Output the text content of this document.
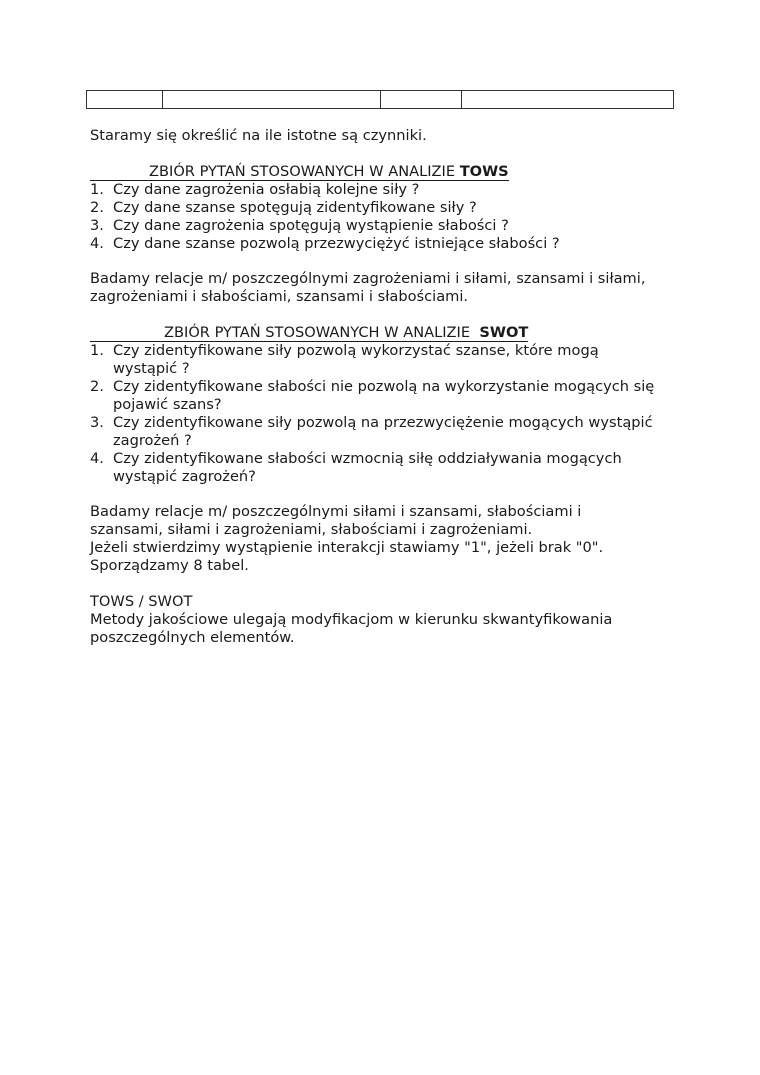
Staramy się określić na ile istotne są czynniki.

ZBIÓR PYTAŃ STOSOWANYCH W ANALIZIE TOWS
1. Czy dane zagrożenia osłabią kolejne siły ?
2. Czy dane szanse spotęgują zidentyfikowane siły ?
3. Czy dane zagrożenia spotęgują wystąpienie słabości ?
4. Czy dane szanse pozwolą przezwyciężyć istniejące słabości ?

Badamy relacje m/ poszczególnymi zagrożeniami i siłami, szansami i siłami, zagrożeniami i słabościami, szansami i słabościami.

ZBIÓR PYTAŃ STOSOWANYCH W ANALIZIE  SWOT
1. Czy zidentyfikowane siły pozwolą wykorzystać szanse, które mogą wystąpić ?
2. Czy zidentyfikowane słabości nie pozwolą na wykorzystanie mogących się pojawić szans?
3. Czy zidentyfikowane siły pozwolą na przezwyciężenie mogących wystąpić zagrożeń ?
4. Czy zidentyfikowane słabości wzmocnią siłę oddziaływania mogących wystąpić zagrożeń?

Badamy relacje m/ poszczególnymi siłami i szansami, słabościami i szansami, siłami i zagrożeniami, słabościami i zagrożeniami.

Jeżeli stwierdzimy wystąpienie interakcji stawiamy "1", jeżeli brak "0".

Sporządzamy 8 tabel.

TOWS / SWOT

Metody jakościowe ulegają modyfikacjom w kierunku skwantyfikowania poszczególnych elementów.
